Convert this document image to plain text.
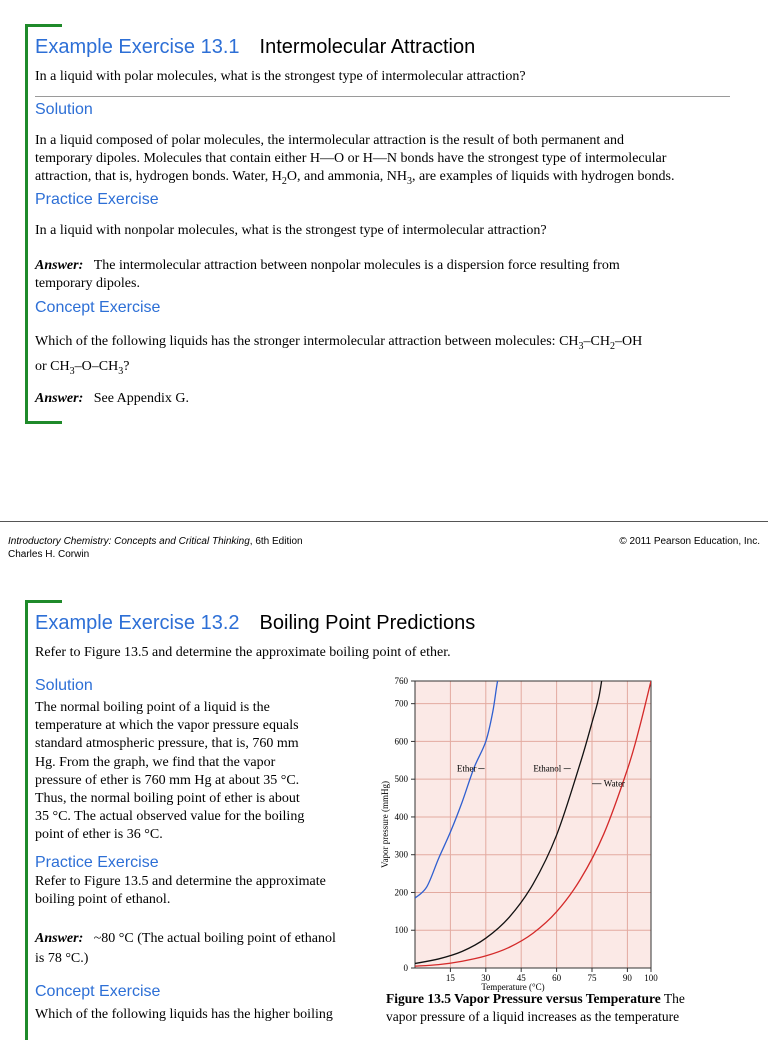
Example Exercise 13.1 Intermolecular Attraction
In a liquid with polar molecules, what is the strongest type of intermolecular attraction?
Solution
In a liquid composed of polar molecules, the intermolecular attraction is the result of both permanent and
temporary dipoles. Molecules that contain either H—O or H—N bonds have the strongest type of intermolecular
attraction, that is, hydrogen bonds. Water, $H_2O$, and ammonia, $NH_3$, are examples of liquids with hydrogen bonds.
Practice Exercise
In a liquid with nonpolar molecules, what is the strongest type of intermolecular attraction?
Answer: The intermolecular attraction between nonpolar molecules is a dispersion force resulting from
temporary dipoles.
Concept Exercise
Which of the following liquids has the stronger intermolecular attraction between molecules: $CH_3-CH_2-OH$
or $CH_3-O-CH_3$?
Answer: See Appendix G.
Introductory Chemistry: Concepts and Critical Thinking, 6th Edition
Charles H. Corwin
© 2011 Pearson Education, Inc.
Example Exercise 13.2 Boiling Point Predictions
Refer to Figure 13.5 and determine the approximate boiling point of ether.
Solution
The normal boiling point of a liquid is the
temperature at which the vapor pressure equals
standard atmospheric pressure, that is, 760 mm
Hg. From the graph, we find that the vapor
pressure of ether is 760 mm Hg at about 35 °C.
Thus, the normal boiling point of ether is about
35 °C. The actual observed value for the boiling
point of ether is 36 °C.
Practice Exercise
Refer to Figure 13.5 and determine the approximate
boiling point of ethanol.
Answer: ~80 °C (The actual boiling point of ethanol
is 78 °C.)
Concept Exercise
Which of the following liquids has the higher boiling
15	30	45	60	75	90 100
0
100
200
300
400
500
600
700
760
Temperature (°C)
Vapor pressure (mmHg)
Ether	Ethanol
Water
Figure 13.5 Vapor Pressure versus Temperature The
vapor pressure of a liquid increases as the temperature
